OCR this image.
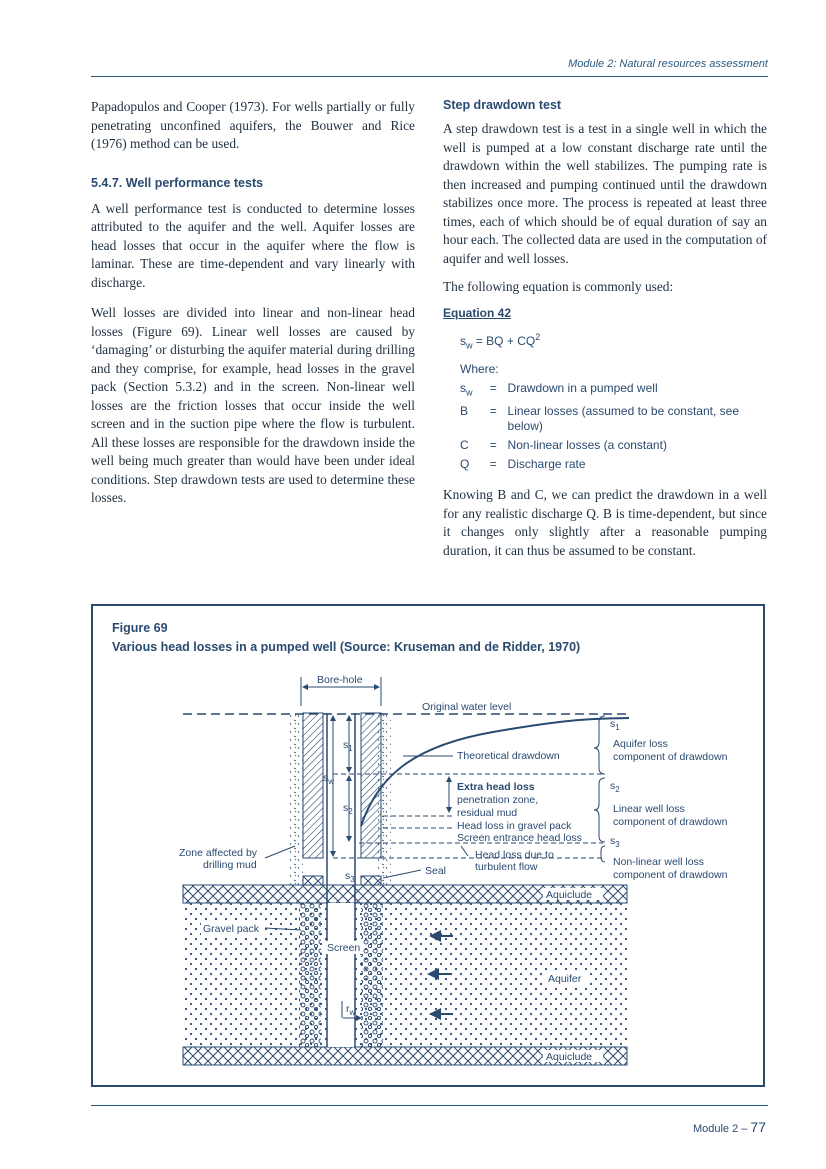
Module 2: Natural resources assessment

Papadopulos and Cooper (1973). For wells partially or fully penetrating unconfined aquifers, the Bouwer and Rice (1976) method can be used.

5.4.7. Well performance tests

A well performance test is conducted to determine losses attributed to the aquifer and the well. Aquifer losses are head losses that occur in the aquifer where the flow is laminar. These are time-dependent and vary linearly with discharge.

Well losses are divided into linear and non-linear head losses (Figure 69). Linear well losses are caused by ‘damaging’ or disturbing the aquifer material during drilling and they comprise, for example, head losses in the gravel pack (Section 5.3.2) and in the screen. Non-linear well losses are the friction losses that occur inside the well screen and in the suction pipe where the flow is turbulent. All these losses are responsible for the drawdown inside the well being much greater than would have been under ideal conditions. Step drawdown tests are used to determine these losses.

Step drawdown test

A step drawdown test is a test in a single well in which the well is pumped at a low constant discharge rate until the drawdown within the well stabilizes. The pumping rate is then increased and pumping continued until the drawdown stabilizes once more. The process is repeated at least three times, each of which should be of equal duration of say an hour each. The collected data are used in the computation of aquifer and well losses.

The following equation is commonly used:

Equation 42
$s_w$ = BQ + $CQ^2$
Where:
$s_w$	= Drawdown in a pumped well
B	= Linear losses (assumed to be constant, see below)
C	= Non-linear losses (a constant)
Q	= Discharge rate

Knowing B and C, we can predict the drawdown in a well for any realistic discharge Q. B is time-dependent, but since it changes only slightly after a reasonable pumping duration, it can thus be assumed to be constant.

Figure 69
Various head losses in a pumped well (Source: Kruseman and de Ridder, 1970)
Bore-hole
Original water level
Theoretical drawdown
$s_w$
$s_1$
$s_2$
$s_3$
Extra head loss
penetration zone,
residual mud
Head loss in gravel pack
Screen entrance head loss
Head loss due to
turbulent flow
$s_1$
Aquifer loss
component of drawdown
$s_2$
Linear well loss
component of drawdown
$s_3$
Non-linear well loss
component of drawdown
Zone affected by
drilling mud	Seal
Aquiclude
Aquiclude
Aquifer
Gravel pack
Screen
$r_w$
Module 2 – 77
